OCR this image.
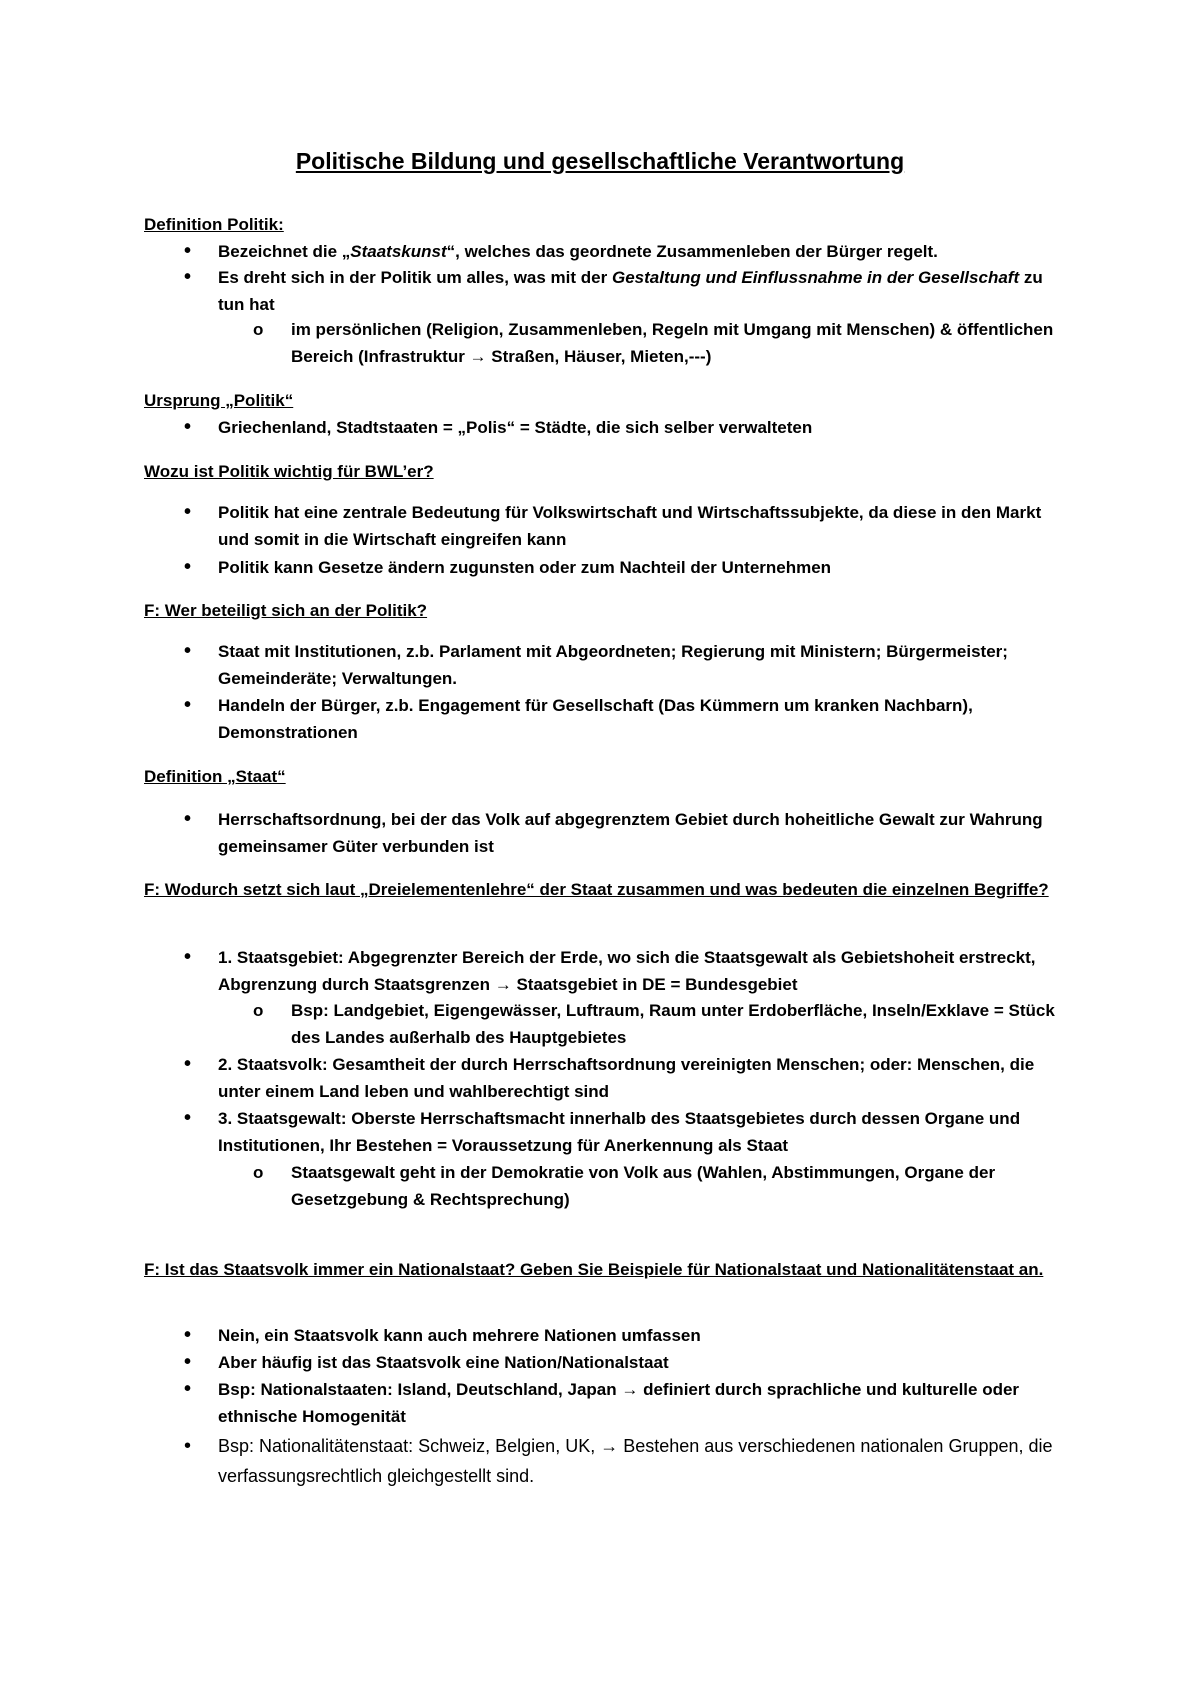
Politische Bildung und gesellschaftliche Verantwortung
Definition Politik:
•	Bezeichnet die „Staatskunst“, welches das geordnete Zusammenleben der Bürger regelt.
•	Es dreht sich in der Politik um alles, was mit der Gestaltung und Einflussnahme in der Gesellschaft zu tun hat
o im persönlichen (Religion, Zusammenleben, Regeln mit Umgang mit Menschen) & öffentlichen Bereich (Infrastruktur → Straßen, Häuser, Mieten,---)
Ursprung „Politik“
•	Griechenland, Stadtstaaten = „Polis“ = Städte, die sich selber verwalteten
Wozu ist Politik wichtig für BWL’er?
•	Politik hat eine zentrale Bedeutung für Volkswirtschaft und Wirtschaftssubjekte, da diese in den Markt und somit in die Wirtschaft eingreifen kann
•	Politik kann Gesetze ändern zugunsten oder zum Nachteil der Unternehmen
F: Wer beteiligt sich an der Politik?
•	Staat mit Institutionen, z.b. Parlament mit Abgeordneten; Regierung mit Ministern; Bürgermeister; Gemeinderäte; Verwaltungen.
•	Handeln der Bürger, z.b. Engagement für Gesellschaft (Das Kümmern um kranken Nachbarn), Demonstrationen
Definition „Staat“
•	Herrschaftsordnung, bei der das Volk auf abgegrenztem Gebiet durch hoheitliche Gewalt zur Wahrung gemeinsamer Güter verbunden ist
F: Wodurch setzt sich laut „Dreielementenlehre“ der Staat zusammen und was bedeuten die einzelnen Begriffe?
•	1. Staatsgebiet: Abgegrenzter Bereich der Erde, wo sich die Staatsgewalt als Gebietshoheit erstreckt, Abgrenzung durch Staatsgrenzen → Staatsgebiet in DE = Bundesgebiet
o Bsp: Landgebiet, Eigengewässer, Luftraum, Raum unter Erdoberfläche, Inseln/Exklave = Stück des Landes außerhalb des Hauptgebietes
•	2. Staatsvolk: Gesamtheit der durch Herrschaftsordnung vereinigten Menschen; oder: Menschen, die unter einem Land leben und wahlberechtigt sind
•	3. Staatsgewalt: Oberste Herrschaftsmacht innerhalb des Staatsgebietes durch dessen Organe und Institutionen, Ihr Bestehen = Voraussetzung für Anerkennung als Staat
o Staatsgewalt geht in der Demokratie von Volk aus (Wahlen, Abstimmungen, Organe der Gesetzgebung & Rechtsprechung)
F: Ist das Staatsvolk immer ein Nationalstaat? Geben Sie Beispiele für Nationalstaat und Nationalitätenstaat an.
•	Nein, ein Staatsvolk kann auch mehrere Nationen umfassen
•	Aber häufig ist das Staatsvolk eine Nation/Nationalstaat
•	Bsp: Nationalstaaten: Island, Deutschland, Japan → definiert durch sprachliche und kulturelle oder ethnische Homogenität
•	Bsp: Nationalitätenstaat: Schweiz, Belgien, UK, → Bestehen aus verschiedenen nationalen Gruppen, die verfassungsrechtlich gleichgestellt sind.
